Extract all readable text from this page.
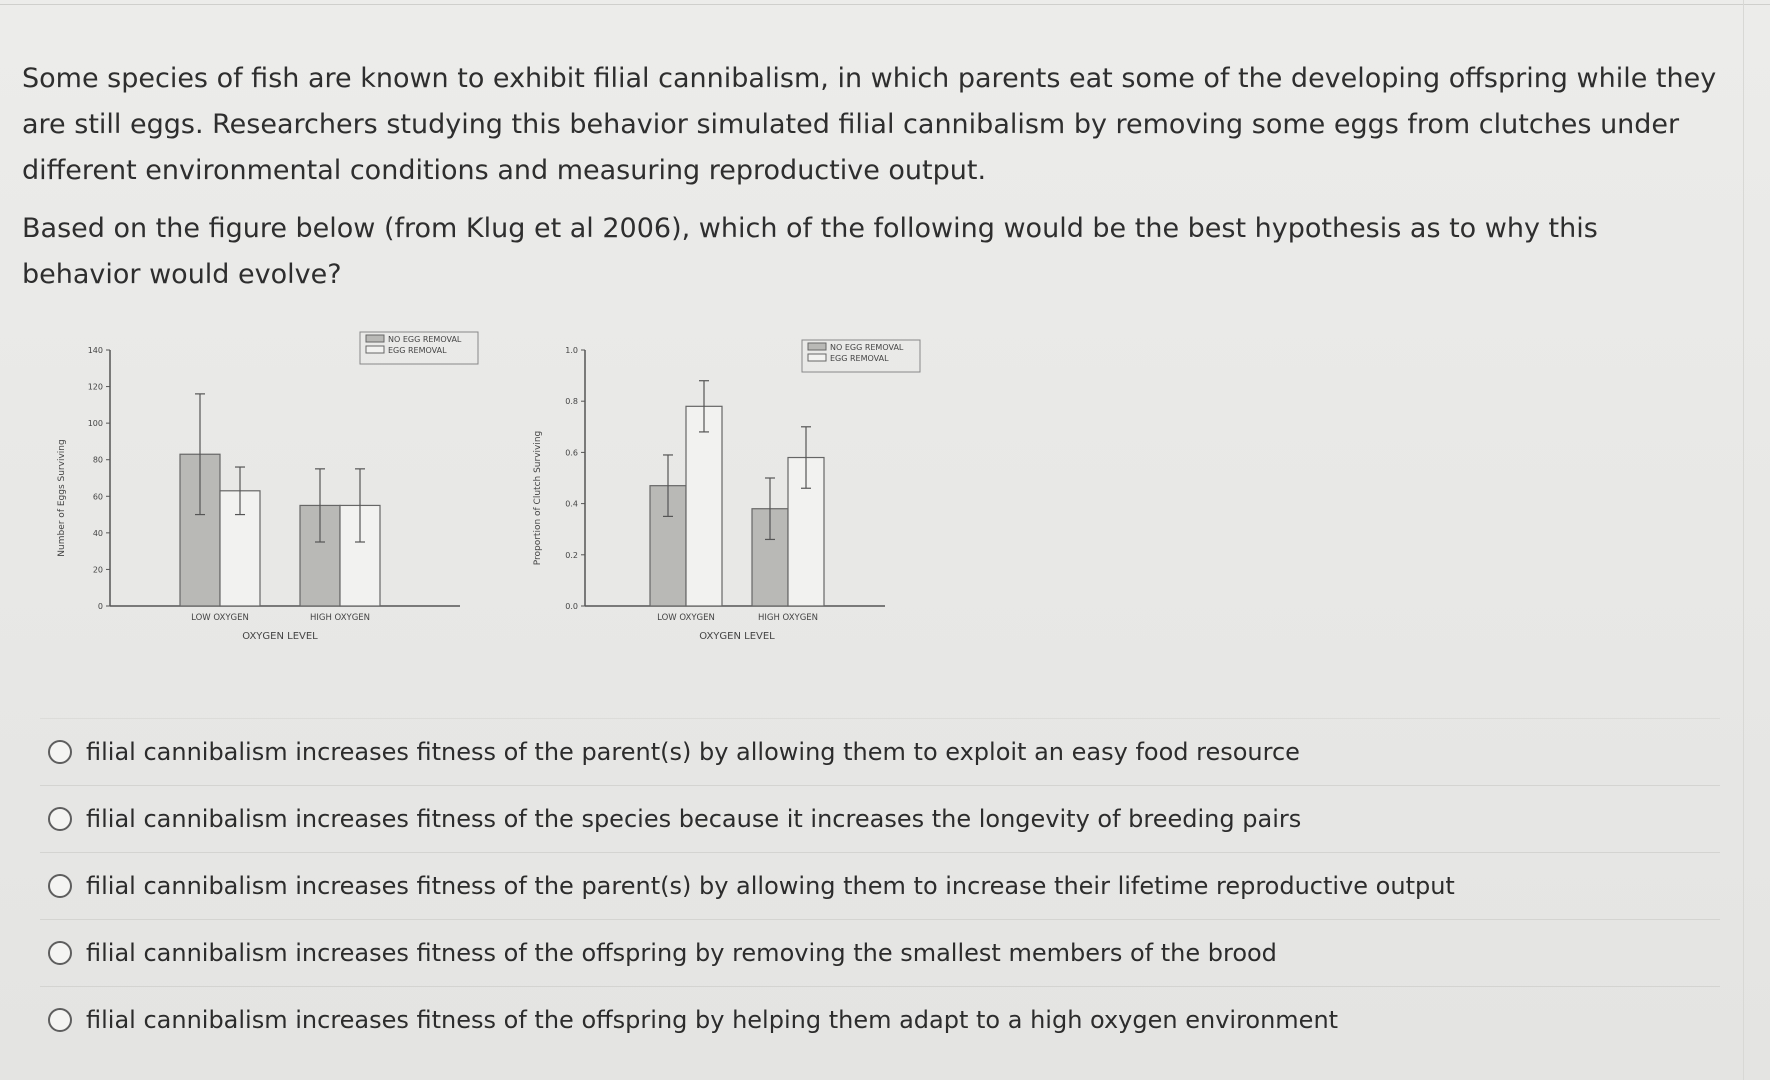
Some species of fish are known to exhibit filial cannibalism, in which parents eat some of the developing offspring while they are still eggs. Researchers studying this behavior simulated filial cannibalism by removing some eggs from clutches under different environmental conditions and measuring reproductive output.

Based on the figure below (from Klug et al 2006), which of the following would be the best hypothesis as to why this behavior would evolve?

0
20
40
60
80
100
120
140
Number of Eggs Surviving
LOW OXYGEN	HIGH OXYGEN
OXYGEN LEVEL
NO EGG REMOVAL
EGG REMOVAL
0.0
0.2
0.4
0.6
0.8
1.0
Proportion of Clutch Surviving
LOW OXYGEN	HIGH OXYGEN
OXYGEN LEVEL
NO EGG REMOVAL
EGG REMOVAL
filial cannibalism increases fitness of the parent(s) by allowing them to exploit an easy food resource
filial cannibalism increases fitness of the species because it increases the longevity of breeding pairs
filial cannibalism increases fitness of the parent(s) by allowing them to increase their lifetime reproductive output
filial cannibalism increases fitness of the offspring by removing the smallest members of the brood
filial cannibalism increases fitness of the offspring by helping them adapt to a high oxygen environment
